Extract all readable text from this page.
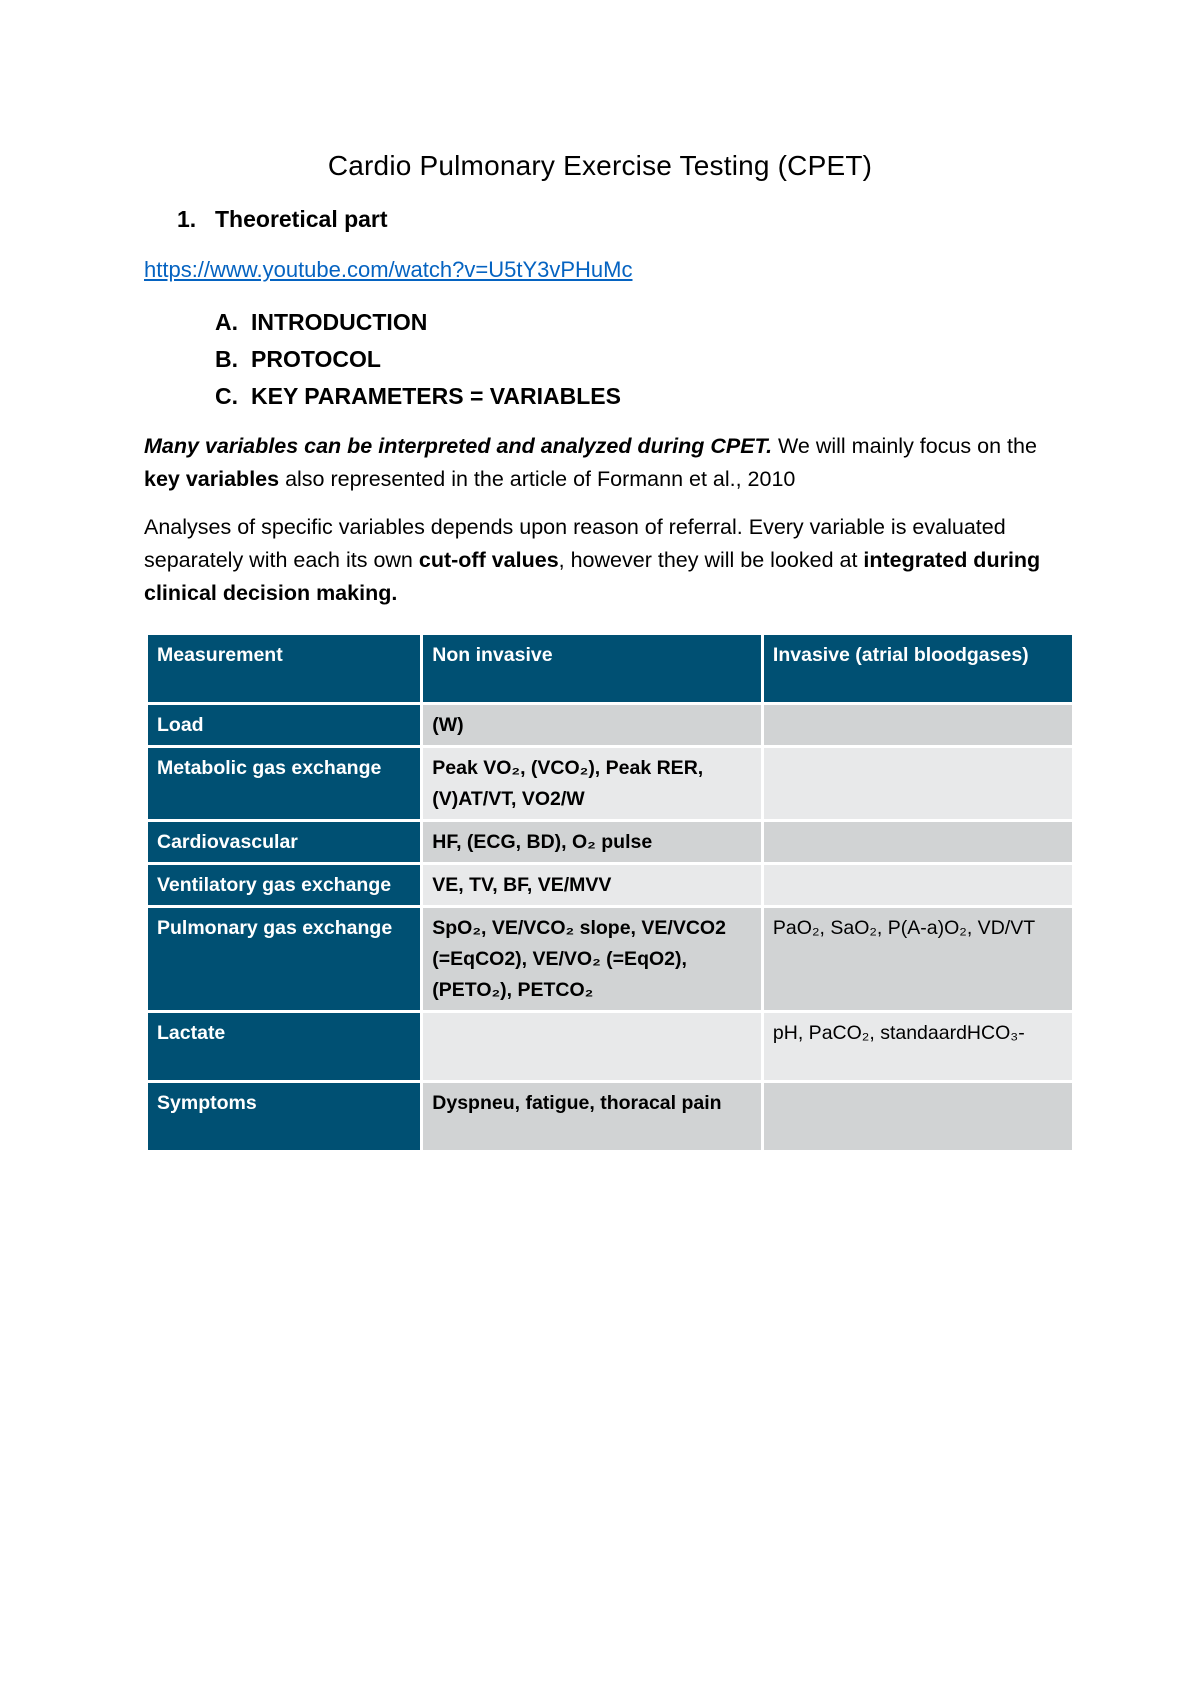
Cardio Pulmonary Exercise Testing (CPET)
1. Theoretical part
https://www.youtube.com/watch?v=U5tY3vPHuMc
A. INTRODUCTION
B. PROTOCOL
C. KEY PARAMETERS = VARIABLES

Many variables can be interpreted and analyzed during CPET. We will mainly focus on the key variables also represented in the article of Formann et al., 2010

Analyses of specific variables depends upon reason of referral. Every variable is evaluated separately with each its own cut-off values, however they will be looked at integrated during clinical decision making.

Measurement	Non invasive	Invasive (atrial bloodgases)
Load	(W)	
Metabolic gas exchange	Peak VO₂, (VCO₂), Peak RER, (V)AT/VT, VO2/W	
Cardiovascular	HF, (ECG, BD), O₂ pulse	
Ventilatory gas exchange	VE, TV, BF, VE/MVV	
Pulmonary gas exchange	SpO₂, VE/VCO₂ slope, VE/VCO2 (=EqCO2), VE/VO₂ (=EqO2), (PETO₂), PETCO₂	PaO₂, SaO₂, P(A-a)O₂, VD/VT
Lactate		pH, PaCO₂, standaardHCO₃-
Symptoms	Dyspneu, fatigue, thoracal pain	
